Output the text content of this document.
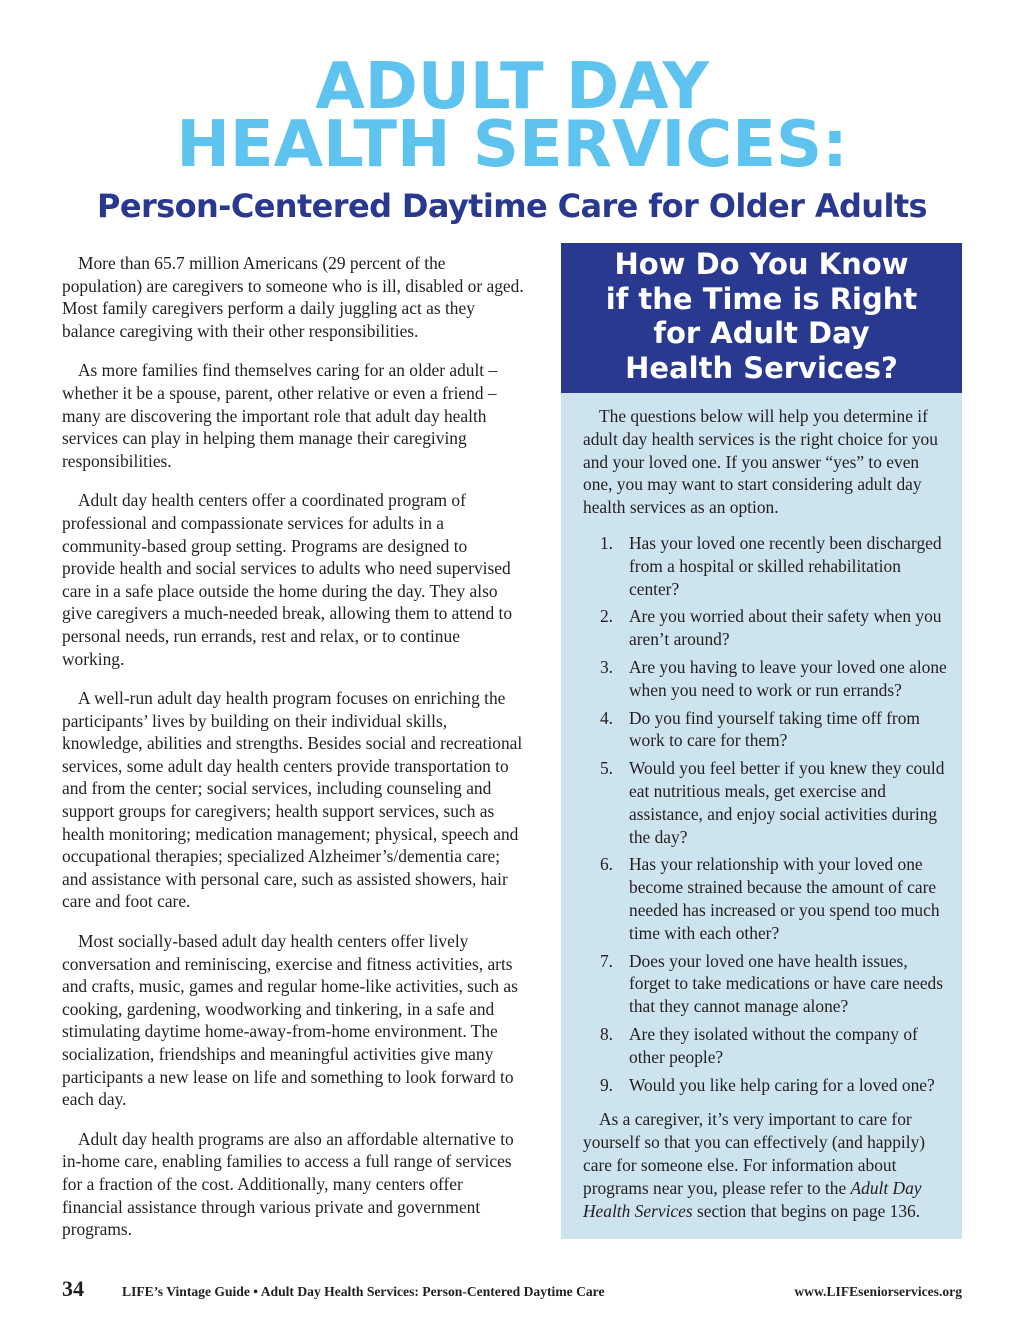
ADULT DAY
HEALTH SERVICES:
Person-Centered Daytime Care for Older Adults

More than 65.7 million Americans (29 percent of the population) are caregivers to someone who is ill, disabled or aged. Most family caregivers perform a daily juggling act as they balance caregiving with their other responsibilities.

As more families find themselves caring for an older adult – whether it be a spouse, parent, other relative or even a friend – many are discovering the important role that adult day health services can play in helping them manage their caregiving responsibilities.

Adult day health centers offer a coordinated program of professional and compassionate services for adults in a community-based group setting. Programs are designed to provide health and social services to adults who need supervised care in a safe place outside the home during the day. They also give caregivers a much-needed break, allowing them to attend to personal needs, run errands, rest and relax, or to continue working.

A well-run adult day health program focuses on enriching the participants’ lives by building on their individual skills, knowledge, abilities and strengths. Besides social and recreational services, some adult day health centers provide transportation to and from the center; social services, including counseling and support groups for caregivers; health support services, such as health monitoring; medication management; physical, speech and occupational therapies; specialized Alzheimer’s/dementia care; and assistance with personal care, such as assisted showers, hair care and foot care.

Most socially-based adult day health centers offer lively conversation and reminiscing, exercise and fitness activities, arts and crafts, music, games and regular home-like activities, such as cooking, gardening, woodworking and tinkering, in a safe and stimulating daytime home-away-from-home environment. The socialization, friendships and meaningful activities give many participants a new lease on life and something to look forward to each day.

Adult day health programs are also an affordable alternative to in-home care, enabling families to access a full range of services for a fraction of the cost. Additionally, many centers offer financial assistance through various private and government programs.

How Do You Know
if the Time is Right
for Adult Day
Health Services?

The questions below will help you determine if adult day health services is the right choice for you and your loved one. If you answer “yes” to even one, you may want to start considering adult day health services as an option.

1. Has your loved one recently been discharged from a hospital or skilled rehabilitation center?
2. Are you worried about their safety when you aren’t around?
3. Are you having to leave your loved one alone when you need to work or run errands?
4. Do you find yourself taking time off from work to care for them?
5. Would you feel better if you knew they could eat nutritious meals, get exercise and assistance, and enjoy social activities during the day?
6. Has your relationship with your loved one become strained because the amount of care needed has increased or you spend too much time with each other?
7. Does your loved one have health issues, forget to take medications or have care needs that they cannot manage alone?
8. Are they isolated without the company of other people?
9. Would you like help caring for a loved one?

As a caregiver, it’s very important to care for yourself so that you can effectively (and happily) care for someone else. For information about programs near you, please refer to the Adult Day Health Services section that begins on page 136.

34	LIFE’s Vintage Guide • Adult Day Health Services: Person-Centered Daytime Care	www.LIFEseniorservices.org
